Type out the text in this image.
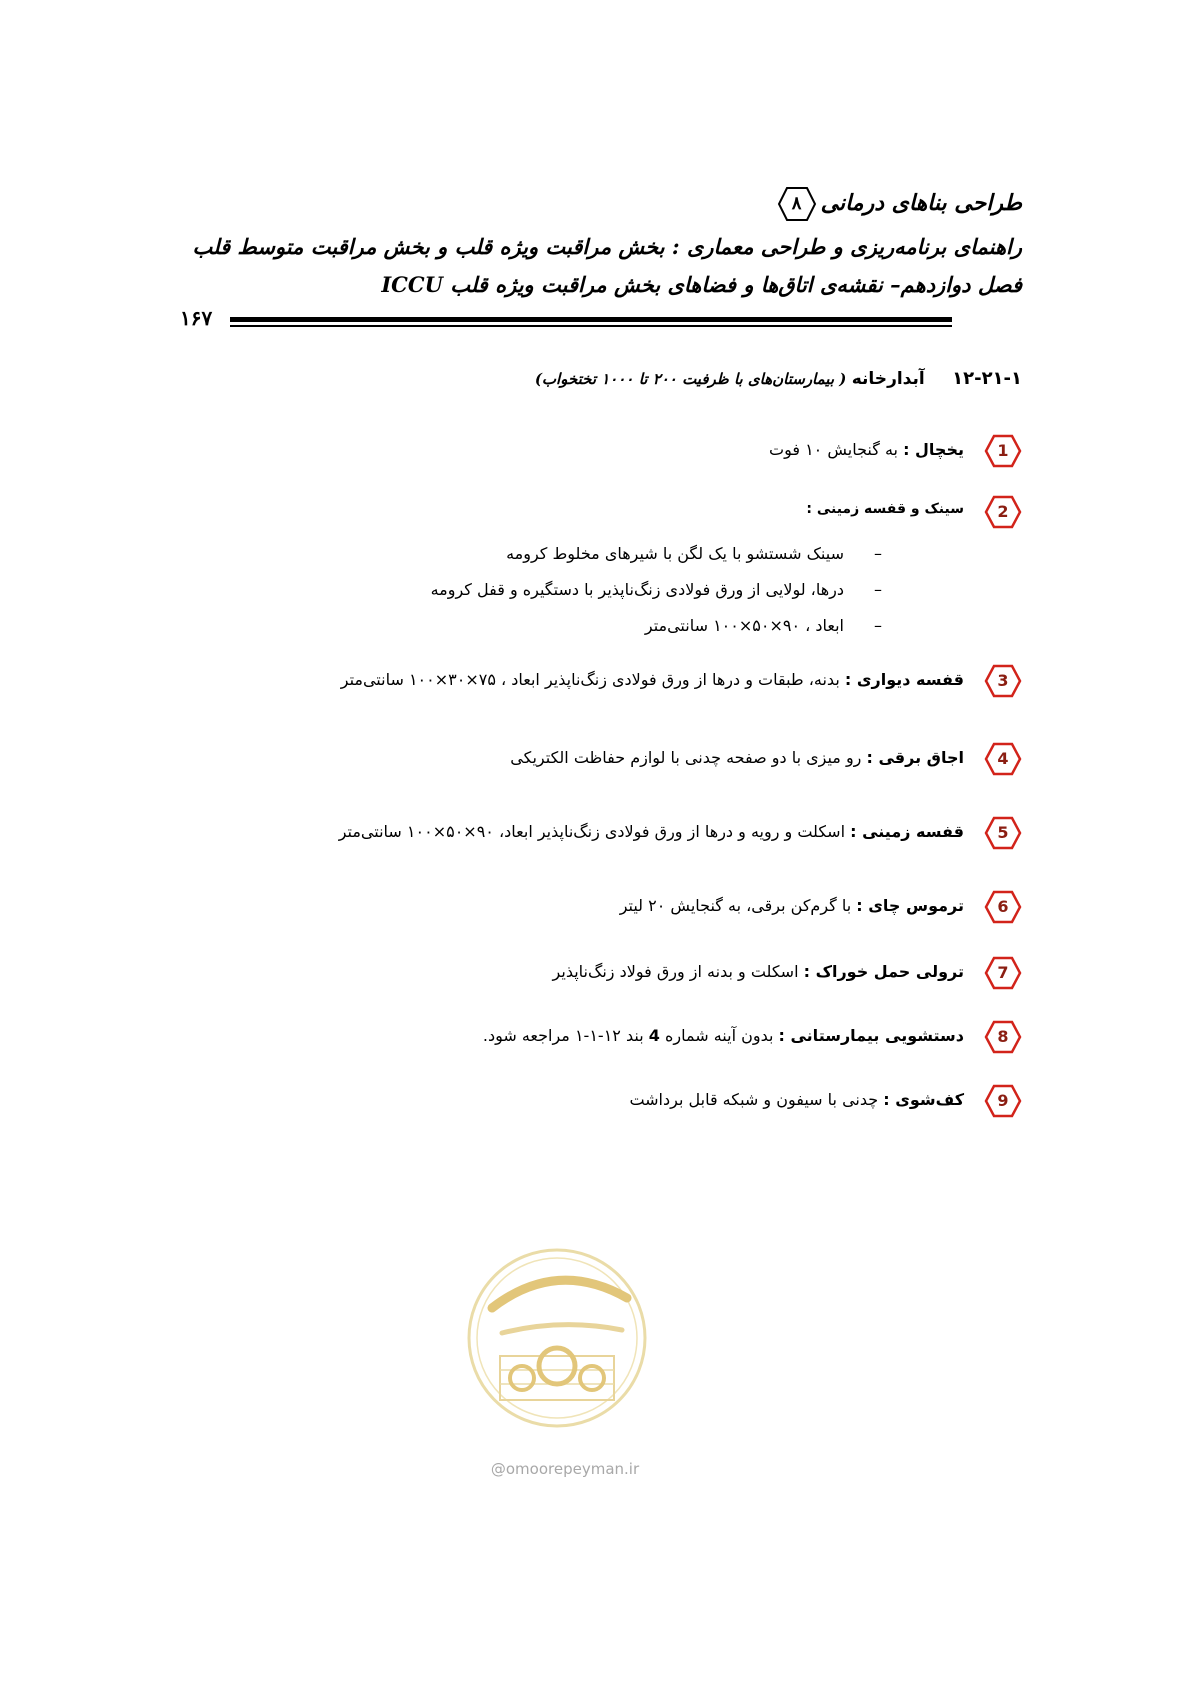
طراحی بناهای درمانی
۸
راهنمای برنامه‌ریزی و طراحی معماری : بخش مراقبت ویژه قلب و بخش مراقبت متوسط قلب
فصل دوازدهم– نقشه‌ی اتاق‌ها و فضاهای بخش مراقبت ویژه قلب ICCU
۱۶۷
۱۲-۲۱-۱ آبدارخانه ( بیمارستان‌های با ظرفیت ۲۰۰ تا ۱۰۰۰ تختخواب)
1
یخچال : به گنجایش ۱۰ فوت
2
سینک و قفسه زمینی :
–
سینک شستشو با یک لگن با شیرهای مخلوط کرومه
–
درها، لولایی از ورق فولادی زنگ‌ناپذیر با دستگیره و قفل کرومه
–
ابعاد ، ۹۰×۵۰×۱۰۰ سانتی‌متر
3
قفسه دیواری : بدنه، طبقات و درها از ورق فولادی زنگ‌ناپذیر ابعاد ، ۷۵×۳۰×۱۰۰ سانتی‌متر
4
اجاق برقی : رو میزی با دو صفحه چدنی با لوازم حفاظت الکتریکی
5
قفسه زمینی : اسکلت و رویه و درها از ورق فولادی زنگ‌ناپذیر ابعاد، ۹۰×۵۰×۱۰۰ سانتی‌متر
6
ترموس چای : با گرم‌کن برقی، به گنجایش ۲۰ لیتر
7
ترولی حمل خوراک : اسکلت و بدنه از ورق فولاد زنگ‌ناپذیر
8
دستشویی بیمارستانی : بدون آینه شماره 4 بند ۱۲-۱-۱ مراجعه شود.
9
کف‌شوی : چدنی با سیفون و شبکه قابل برداشت
@omoorepeyman.ir
